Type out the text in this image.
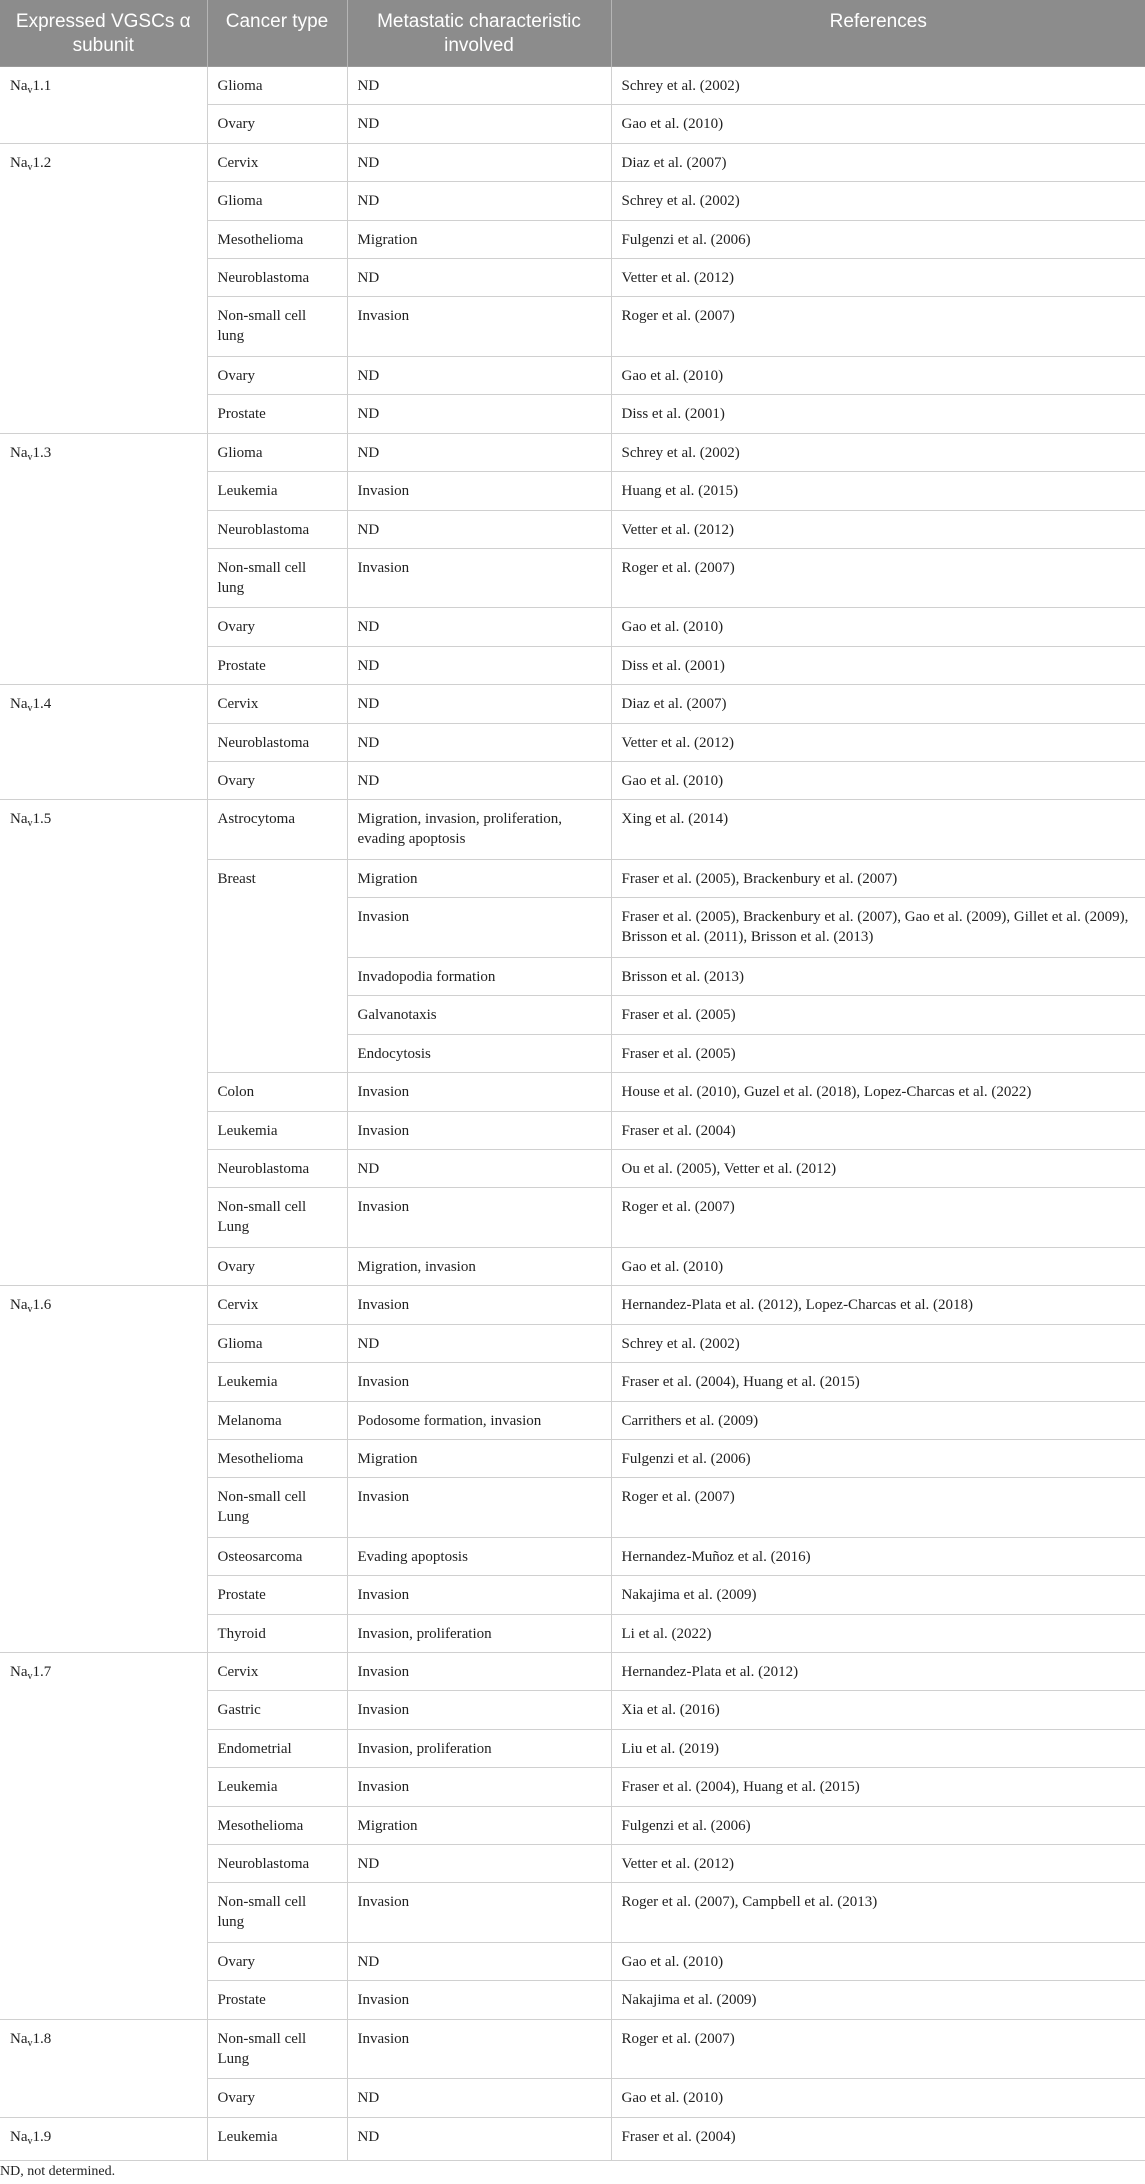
Expressed VGSCs α subunit	Cancer type	Metastatic characteristic involved	References
$Na_v1.1$	Glioma	ND	Schrey et al. (2002)
	Ovary	ND	Gao et al. (2010)
$Na_v1.2$	Cervix	ND	Diaz et al. (2007)
	Glioma	ND	Schrey et al. (2002)
	Mesothelioma	Migration	Fulgenzi et al. (2006)
	Neuroblastoma	ND	Vetter et al. (2012)
	Non-small cell lung	Invasion	Roger et al. (2007)
	Ovary	ND	Gao et al. (2010)
	Prostate	ND	Diss et al. (2001)
$Na_v1.3$	Glioma	ND	Schrey et al. (2002)
	Leukemia	Invasion	Huang et al. (2015)
	Neuroblastoma	ND	Vetter et al. (2012)
	Non-small cell lung	Invasion	Roger et al. (2007)
	Ovary	ND	Gao et al. (2010)
	Prostate	ND	Diss et al. (2001)
$Na_v1.4$	Cervix	ND	Diaz et al. (2007)
	Neuroblastoma	ND	Vetter et al. (2012)
	Ovary	ND	Gao et al. (2010)
$Na_v1.5$	Astrocytoma	Migration, invasion, proliferation, evading apoptosis	Xing et al. (2014)
	Breast	Migration	Fraser et al. (2005), Brackenbury et al. (2007)
		Invasion	Fraser et al. (2005), Brackenbury et al. (2007), Gao et al. (2009), Gillet et al. (2009), Brisson et al. (2011), Brisson et al. (2013)
		Invadopodia formation	Brisson et al. (2013)
		Galvanotaxis	Fraser et al. (2005)
		Endocytosis	Fraser et al. (2005)
	Colon	Invasion	House et al. (2010), Guzel et al. (2018), Lopez-Charcas et al. (2022)
	Leukemia	Invasion	Fraser et al. (2004)
	Neuroblastoma	ND	Ou et al. (2005), Vetter et al. (2012)
	Non-small cell Lung	Invasion	Roger et al. (2007)
	Ovary	Migration, invasion	Gao et al. (2010)
$Na_v1.6$	Cervix	Invasion	Hernandez-Plata et al. (2012), Lopez-Charcas et al. (2018)
	Glioma	ND	Schrey et al. (2002)
	Leukemia	Invasion	Fraser et al. (2004), Huang et al. (2015)
	Melanoma	Podosome formation, invasion	Carrithers et al. (2009)
	Mesothelioma	Migration	Fulgenzi et al. (2006)
	Non-small cell Lung	Invasion	Roger et al. (2007)
	Osteosarcoma	Evading apoptosis	Hernandez-Muñoz et al. (2016)
	Prostate	Invasion	Nakajima et al. (2009)
	Thyroid	Invasion, proliferation	Li et al. (2022)
$Na_v1.7$	Cervix	Invasion	Hernandez-Plata et al. (2012)
	Gastric	Invasion	Xia et al. (2016)
	Endometrial	Invasion, proliferation	Liu et al. (2019)
	Leukemia	Invasion	Fraser et al. (2004), Huang et al. (2015)
	Mesothelioma	Migration	Fulgenzi et al. (2006)
	Neuroblastoma	ND	Vetter et al. (2012)
	Non-small cell lung	Invasion	Roger et al. (2007), Campbell et al. (2013)
	Ovary	ND	Gao et al. (2010)
	Prostate	Invasion	Nakajima et al. (2009)
$Na_v1.8$	Non-small cell Lung	Invasion	Roger et al. (2007)
	Ovary	ND	Gao et al. (2010)
$Na_v1.9$	Leukemia	ND	Fraser et al. (2004)
ND, not determined.
